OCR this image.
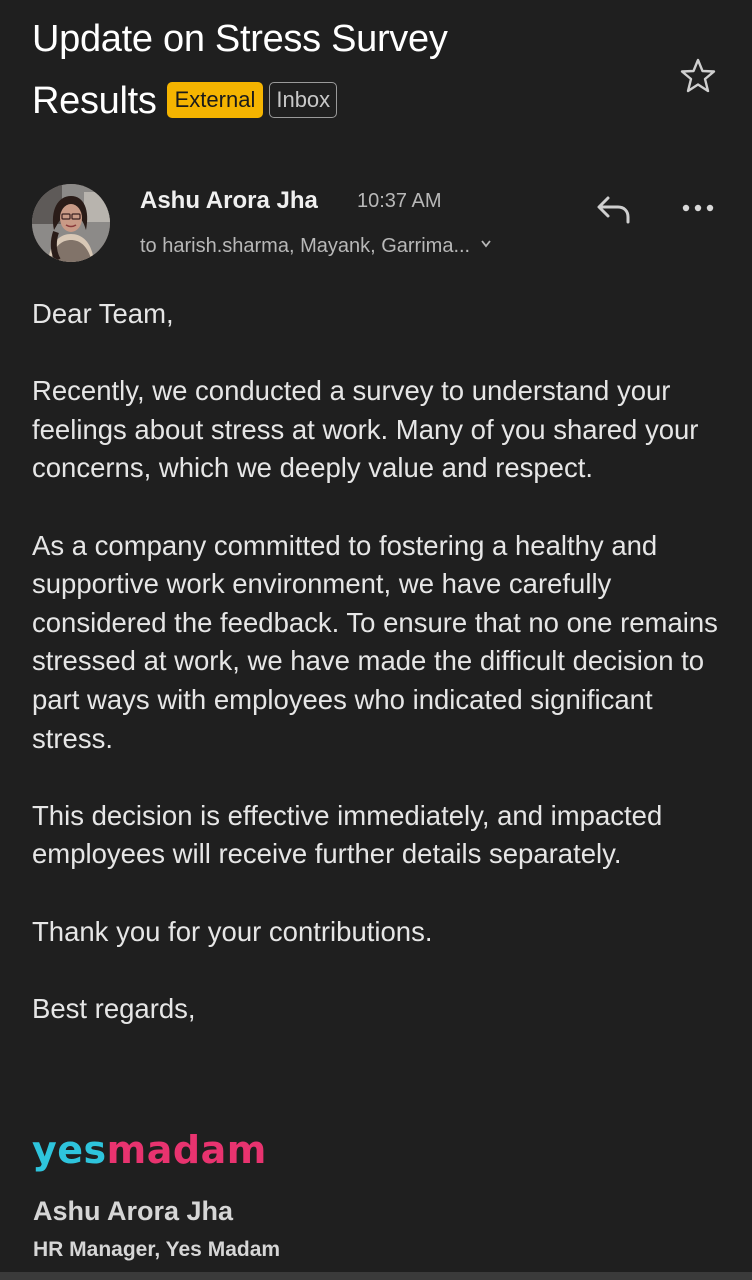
Update on Stress Survey
Results External Inbox
Ashu Arora Jha 10:37 AM
to harish.sharma, Mayank, Garrima...

Dear Team,

Recently, we conducted a survey to understand your feelings about stress at work. Many of you shared your concerns, which we deeply value and respect.

As a company committed to fostering a healthy and supportive work environment, we have carefully considered the feedback. To ensure that no one remains stressed at work, we have made the difficult decision to part ways with employees who indicated significant stress.

This decision is effective immediately, and impacted employees will receive further details separately.

Thank you for your contributions.

Best regards,

yesmadam
Ashu Arora Jha
HR Manager, Yes Madam
